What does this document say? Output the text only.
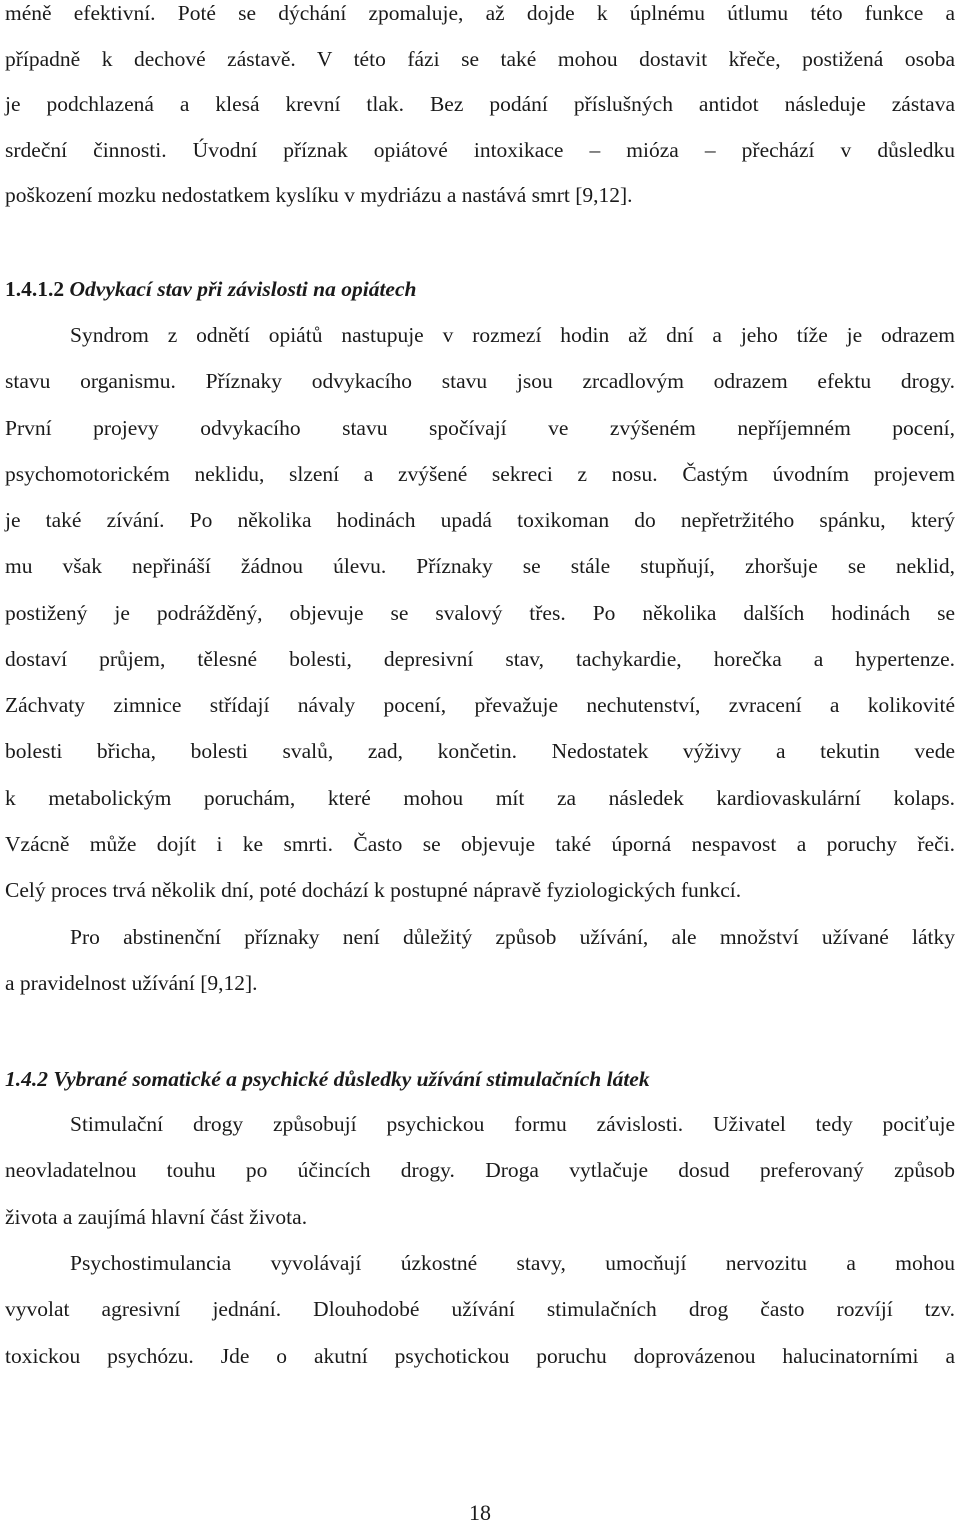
méně efektivní. Poté se dýchání zpomaluje, až dojde k úplnému útlumu této funkce a
případně k dechové zástavě. V této fázi se také mohou dostavit křeče, postižená osoba
je podchlazená a klesá krevní tlak. Bez podání příslušných antidot následuje zástava
srdeční činnosti. Úvodní příznak opiátové intoxikace – mióza – přechází v důsledku
poškození mozku nedostatkem kyslíku v mydriázu a nastává smrt [9,12].
1.4.1.2 Odvykací stav při závislosti na opiátech
Syndrom z odnětí opiátů nastupuje v rozmezí hodin až dní a jeho tíže je odrazem
stavu organismu. Příznaky odvykacího stavu jsou zrcadlovým odrazem efektu drogy.
První projevy odvykacího stavu spočívají ve zvýšeném nepříjemném pocení,
psychomotorickém neklidu, slzení a zvýšené sekreci z nosu. Častým úvodním projevem
je také zívání. Po několika hodinách upadá toxikoman do nepřetržitého spánku, který
mu však nepřináší žádnou úlevu. Příznaky se stále stupňují, zhoršuje se neklid,
postižený je podrážděný, objevuje se svalový třes. Po několika dalších hodinách se
dostaví průjem, tělesné bolesti, depresivní stav, tachykardie, horečka a hypertenze.
Záchvaty zimnice střídají návaly pocení, převažuje nechutenství, zvracení a kolikovité
bolesti břicha, bolesti svalů, zad, končetin. Nedostatek výživy a tekutin vede
k metabolickým poruchám, které mohou mít za následek kardiovaskulární kolaps.
Vzácně může dojít i ke smrti. Často se objevuje také úporná nespavost a poruchy řeči.
Celý proces trvá několik dní, poté dochází k postupné nápravě fyziologických funkcí.
Pro abstinenční příznaky není důležitý způsob užívání, ale množství užívané látky
a pravidelnost užívání [9,12].
1.4.2 Vybrané somatické a psychické důsledky užívání stimulačních látek
Stimulační drogy způsobují psychickou formu závislosti. Uživatel tedy pociťuje
neovladatelnou touhu po účincích drogy. Droga vytlačuje dosud preferovaný způsob
života a zaujímá hlavní část života.
Psychostimulancia vyvolávají úzkostné stavy, umocňují nervozitu a mohou
vyvolat agresivní jednání. Dlouhodobé užívání stimulačních drog často rozvíjí tzv.
toxickou psychózu. Jde o akutní psychotickou poruchu doprovázenou halucinatorními a
18
